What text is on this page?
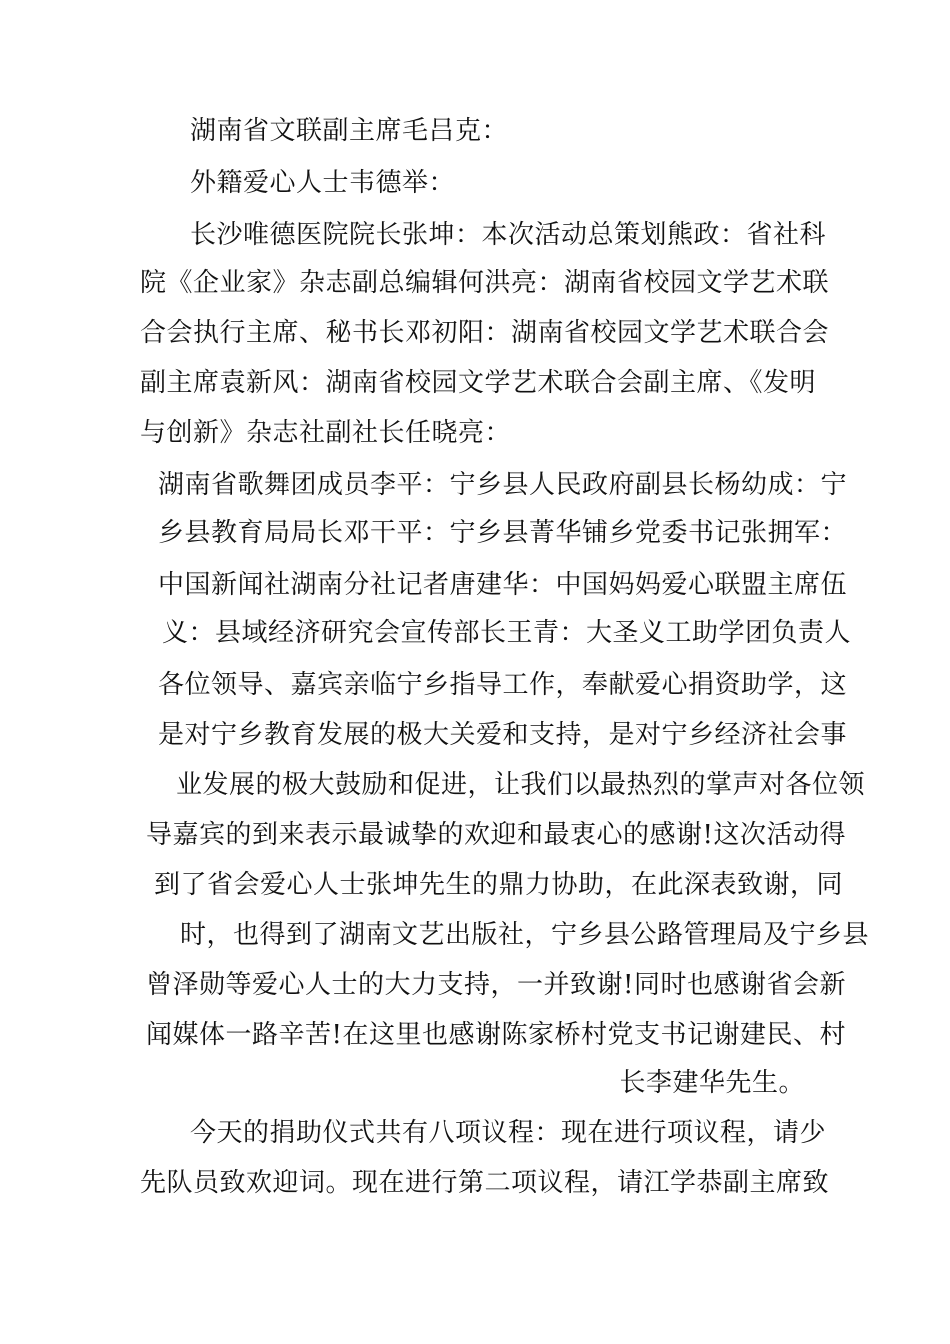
湖南省文联副主席毛吕克：
外籍爱心人士韦德举：
长沙唯德医院院长张坤：本次活动总策划熊政：省社科
院《企业家》杂志副总编辑何洪亮：湖南省校园文学艺术联
合会执行主席、秘书长邓初阳：湖南省校园文学艺术联合会
副主席袁新风：湖南省校园文学艺术联合会副主席、《发明
与创新》杂志社副社长任晓亮：
湖南省歌舞团成员李平：宁乡县人民政府副县长杨幼成：宁
乡县教育局局长邓干平：宁乡县菁华铺乡党委书记张拥军：
中国新闻社湖南分社记者唐建华：中国妈妈爱心联盟主席伍
义：县域经济研究会宣传部长王青：大圣义工助学团负责人
各位领导、嘉宾亲临宁乡指导工作，奉献爱心捐资助学，这
是对宁乡教育发展的极大关爱和支持，是对宁乡经济社会事
业发展的极大鼓励和促进，让我们以最热烈的掌声对各位领
导嘉宾的到来表示最诚挚的欢迎和最衷心的感谢!这次活动得
到了省会爱心人士张坤先生的鼎力协助，在此深表致谢，同
时，也得到了湖南文艺出版社，宁乡县公路管理局及宁乡县
曾泽勋等爱心人士的大力支持，一并致谢!同时也感谢省会新
闻媒体一路辛苦!在这里也感谢陈家桥村党支书记谢建民、村
长李建华先生。
今天的捐助仪式共有八项议程：现在进行项议程，请少
先队员致欢迎词。现在进行第二项议程，请江学恭副主席致
